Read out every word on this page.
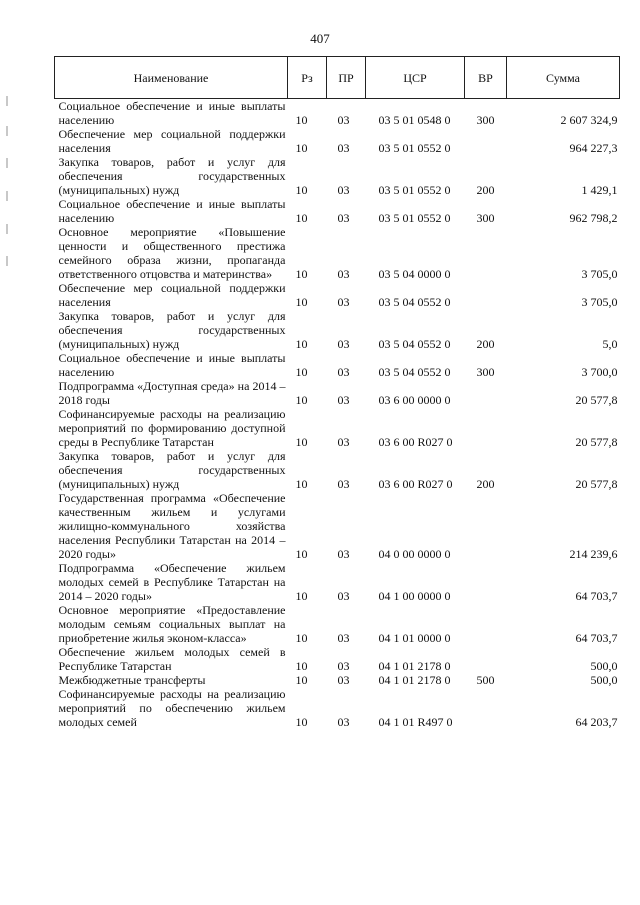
407
Наименование	Рз	ПР	ЦСР	ВР	Сумма
Социальное обеспечение и иные выплаты населению	10	03	03 5 01 0548 0	300	2 607 324,9
Обеспечение мер социальной поддержки населения	10	03	03 5 01 0552 0		964 227,3
Закупка товаров, работ и услуг для обеспечения государственных (муниципальных) нужд	10	03	03 5 01 0552 0	200	1 429,1
Социальное обеспечение и иные выплаты населению	10	03	03 5 01 0552 0	300	962 798,2
Основное мероприятие «Повышение ценности и общественного престижа семейного образа жизни, пропаганда ответственного отцовства и материнства»	10	03	03 5 04 0000 0		3 705,0
Обеспечение мер социальной поддержки населения	10	03	03 5 04 0552 0		3 705,0
Закупка товаров, работ и услуг для обеспечения государственных (муниципальных) нужд	10	03	03 5 04 0552 0	200	5,0
Социальное обеспечение и иные выплаты населению	10	03	03 5 04 0552 0	300	3 700,0
Подпрограмма «Доступная среда» на 2014 – 2018 годы	10	03	03 6 00 0000 0		20 577,8
Софинансируемые расходы на реализацию мероприятий по формированию доступной среды в Республике Татарстан	10	03	03 6 00 R027 0		20 577,8
Закупка товаров, работ и услуг для обеспечения государственных (муниципальных) нужд	10	03	03 6 00 R027 0	200	20 577,8
Государственная программа «Обеспечение качественным жильем и услугами жилищно-коммунального хозяйства населения Республики Татарстан на 2014 – 2020 годы»	10	03	04 0 00 0000 0		214 239,6
Подпрограмма «Обеспечение жильем молодых семей в Республике Татарстан на 2014 – 2020 годы»	10	03	04 1 00 0000 0		64 703,7
Основное мероприятие «Предоставление молодым семьям социальных выплат на приобретение жилья эконом-класса»	10	03	04 1 01 0000 0		64 703,7
Обеспечение жильем молодых семей в Республике Татарстан	10	03	04 1 01 2178 0		500,0
Межбюджетные трансферты	10	03	04 1 01 2178 0	500	500,0
Софинансируемые расходы на реализацию мероприятий по обеспечению жильем молодых семей	10	03	04 1 01 R497 0		64 203,7
